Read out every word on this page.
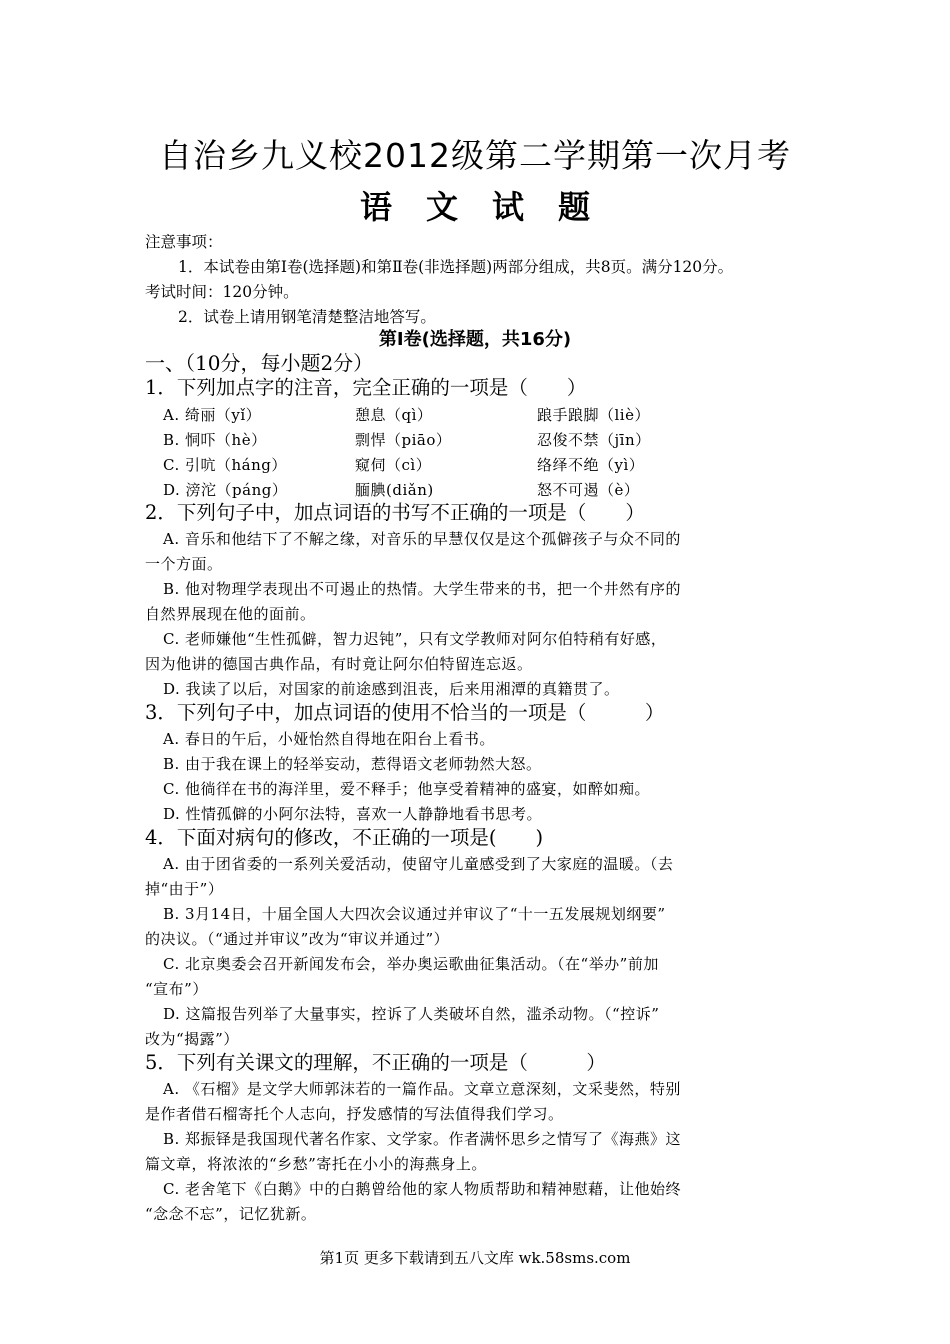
自治乡九义校2012级第二学期第一次月考
语 文 试 题
注意事项：
1．本试卷由第Ⅰ卷(选择题)和第Ⅱ卷(非选择题)两部分组成，共8页。满分120分。
考试时间：120分钟。
2．试卷上请用钢笔清楚整洁地答写。
第Ⅰ卷(选择题，共16分)
一、（10分，每小题2分）
1．下列加点字的注音，完全正确的一项是（　　）
A. 绮丽（yǐ）	憩息（qì）	踉手踉脚（liè）
B. 恫吓（hè）	剽悍（piāo）	忍俊不禁（jīn）
C. 引吭（háng）	窥伺（cì）	络绎不绝（yì）
D. 滂沱（páng）	腼腆(diǎn)	怒不可遏（è）
2．下列句子中，加点词语的书写不正确的一项是（　　）
A. 音乐和他结下了不解之缘，对音乐的早慧仅仅是这个孤僻孩子与众不同的
一个方面。
B. 他对物理学表现出不可遏止的热情。大学生带来的书，把一个井然有序的
自然界展现在他的面前。
C. 老师嫌他“生性孤僻，智力迟钝”，只有文学教师对阿尔伯特稍有好感，
因为他讲的德国古典作品，有时竟让阿尔伯特留连忘返。
D. 我读了以后，对国家的前途感到沮丧，后来用湘潭的真籍贯了。
3．下列句子中，加点词语的使用不恰当的一项是（　　　）
A. 春日的午后，小娅怡然自得地在阳台上看书。
B. 由于我在课上的轻举妄动，惹得语文老师勃然大怒。
C. 他徜徉在书的海洋里，爱不释手；他享受着精神的盛宴，如醉如痴。
D. 性情孤僻的小阿尔法特，喜欢一人静静地看书思考。
4．下面对病句的修改，不正确的一项是(　　)
A. 由于团省委的一系列关爱活动，使留守儿童感受到了大家庭的温暖。（去
掉“由于”）
B. 3月14日，十届全国人大四次会议通过并审议了“十一五发展规划纲要”
的决议。（“通过并审议”改为“审议并通过”）
C. 北京奥委会召开新闻发布会，举办奥运歌曲征集活动。（在“举办”前加
“宣布”）
D. 这篇报告列举了大量事实，控诉了人类破坏自然，滥杀动物。（“控诉”
改为“揭露”）
5．下列有关课文的理解，不正确的一项是（　　　）
A. 《石榴》是文学大师郭沫若的一篇作品。文章立意深刻，文采斐然，特别
是作者借石榴寄托个人志向，抒发感情的写法值得我们学习。
B. 郑振铎是我国现代著名作家、文学家。作者满怀思乡之情写了《海燕》这
篇文章，将浓浓的“乡愁”寄托在小小的海燕身上。
C. 老舍笔下《白鹅》中的白鹅曾给他的家人物质帮助和精神慰藉，让他始终
“念念不忘”，记忆犹新。
第1页 更多下载请到五八文库 wk.58sms.com
